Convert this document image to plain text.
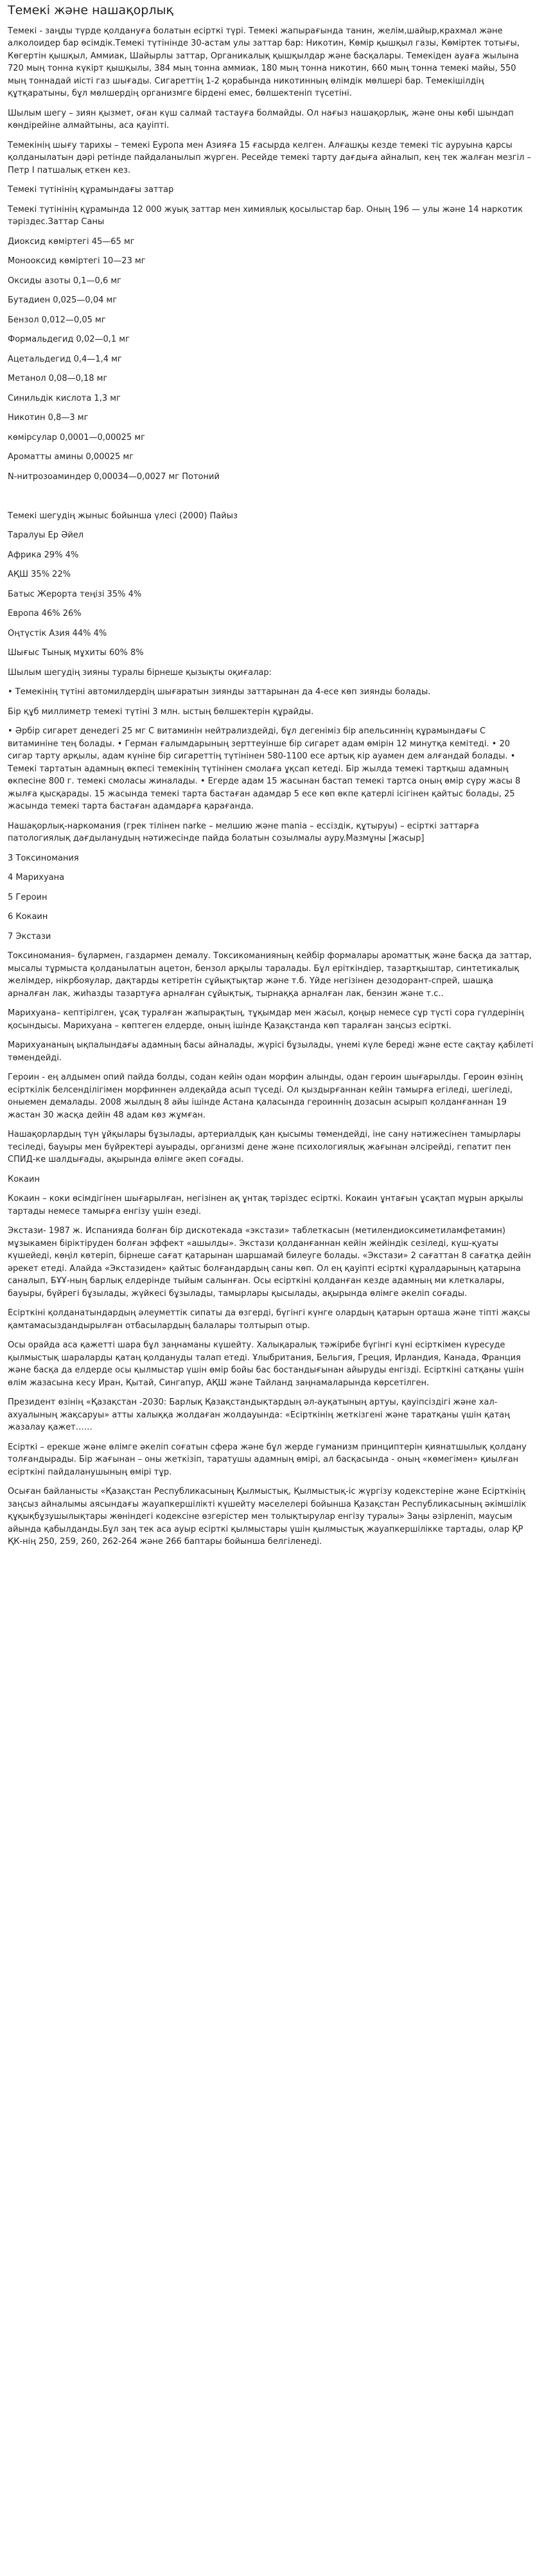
Темекі және нашақорлық

Темекі - заңды түрде қолдануға болатын есірткі түрі. Темекі жапырағында танин, желім,шайыр,крахмал және алколоидер бар өсімдік.Темекі түтінінде 30-астам улы заттар бар: Никотин, Көмір қышқыл газы, Көміртек тотығы, Көгертін қышқыл, Аммиак, Шайырлы заттар, Органикалық қышқылдар және басқалары. Темекіден ауаға жылына 720 мың тонна күкірт қышқылы, 384 мың тонна аммиак, 180 мың тонна никотин, 660 мың тонна темекі майы, 550 мың тоннадай иісті газ шығады. Сигареттің 1-2 қорабында никотинның өлімдік мөлшері бар. Темекішілдің құтқаратыны, бұл мөлшердің организмге бірдені емес, бөлшектеніп түсетіні.

Шылым шегу – зиян қызмет, оған күш салмай тастауға болмайды. Ол нағыз нашақорлық, және оны көбі шындап көндірейіне алмайтыны, аса қауіпті.

Темекінің шығу тарихы – темекі Еуропа мен Азияға 15 ғасырда келген. Алғашқы кезде темекі тіс ауруына қарсы қолданылатын дәрі ретінде пайдаланылып жүрген. Ресейде темекі тарту дағдыға айналып, кең тек жалған мезгіл – Петр I патшалық еткен кез.

Темекі түтінінің құрамындағы заттар

Темекі түтінінің құрамында 12 000 жуық заттар мен химиялық қосылыстар бар. Оның 196 — улы және 14 наркотик тәріздес.Заттар Саны

Диоксид көміртегі 45—65 мг

Монооксид көміртегі 10—23 мг

Оксиды азоты 0,1—0,6 мг

Бутадиен 0,025—0,04 мг

Бензол 0,012—0,05 мг

Формальдегид 0,02—0,1 мг

Ацетальдегид 0,4—1,4 мг

Метанол 0,08—0,18 мг

Синильдік кислота 1,3 мг

Никотин 0,8—3 мг

көмірсулар 0,0001—0,00025 мг

Ароматты амины 0,00025 мг

N-нитрозоаминдер 0,00034—0,0027 мг Потоний

Темекі шегудің жыныс бойынша үлесі (2000) Пайыз

Таралуы Ер Әйел

Африка 29% 4%

АҚШ 35% 22%

Батыс Жерорта теңізі 35% 4%

Европа 46% 26%

Оңтүстік Азия 44% 4%

Шығыс Тынық мұхиты 60% 8%

Шылым шегудің зияны туралы бірнеше қызықты оқиғалар:

• Темекінің түтіні автомилдердің шығаратын зиянды заттарынан да 4-есе көп зиянды болады.

Бір құб миллиметр темекі түтіні 3 млн. ыстың бөлшектерін құрайды.

• Әрбір сигарет денедегі 25 мг С витаминін нейтрализдейді, бұл дегеніміз бір апельсиннің құрамындағы С витаминіне тең болады. • Герман ғалымдарының зерттеуінше бір сигарет адам өмірін 12 минутқа кемітеді. • 20 сигар тарту арқылы, адам күніне бір сигареттің түтінінен 580-1100 есе артық кір ауамен дем алғандай болады. • Темекі тартатын адамның өкпесі темекінің түтінінен смолаға ұқсап кетеді. Бір жылда темекі тартқыш адамның өкпесіне 800 г. темекі смоласы жиналады. • Егерде адам 15 жасынан бастап темекі тартса оның өмір сүру жасы 8 жылға қысқарады. 15 жасында темекі тарта бастаған адамдар 5 есе көп өкпе қатерлі ісігінен қайтыс болады, 25 жасында темекі тарта бастаған адамдарға қарағанда.

Нашақорлық-наркомания (грек тілінен narke – мелшию және mania – ессіздік, құтыруы) – есірткі заттарға патологиялық дағдыланудың нәтижесінде пайда болатын созылмалы аурy.Мазмұны [жасыр]

3 Токсиномания

4 Марихуана

5 Героин

6 Кокаин

7 Экстази

Токсиномания– бұлармен, газдармен демалу. Токсикоманияның кейбір формалары ароматтық және басқа да заттар, мысалы тұрмыста қолданылатын ацетон, бензол арқылы таралады. Бұл еріткіндіер, тазартқыштар, синтетикалық желімдер, нікрбояулар, дақтарды кетіретін сұйықтықтар және т.б. Үйде негізінен дезодорант-спрей, шашқа арналған лак, жиһазды тазартуға арналған сұйықтық, тырнаққа арналған лак, бензин және т.с..

Марихуана– кептірілген, ұсақ туралған жапырақтың, тұқымдар мен жасыл, қоңыр немесе сұр түсті сора гүлдерінің қосындысы. Марихуана – көптеген елдерде, оның ішінде Қазақстанда көп таралған заңсыз есірткі.

Марихуананың ықпалындағы адамның басы айналады, жүрісі бұзылады, үнемі күле береді және есте сақтау қабілеті төмендейді.

Героин - ең алдымен опий пайда болды, содан кейін одан морфин алынды, одан героин шығарылды. Героин өзінің есірткілік белсенділігімен морфиннен әлдеқайда асып түседі. Ол қыздырғаннан кейін тамырға егіледі, шегіледі, оныемен демалады. 2008 жылдың 8 айы ішінде Астана қаласында героиннің дозасын асырып қолданғаннан 19 жастан 30 жасқа дейін 48 адам көз жұмған.

Нашақорлардың түн ұйқылары бұзылады, артериалдық қан қысымы төмендейді, іне сану нәтижесінен тамырлары тесіледі, бауыры мен бүйректері ауырады, организмі дене және психологиялық жағынан әлсірейді, гепатит пен СПИД-ке шалдығады, ақырында өлімге әкеп соғады.

Кокаин

Кокаин – коки өсімдігінен шығарылған, негізінен ақ ұнтақ тәріздес есірткі. Кокаин ұнтағын ұсақтап мұрын арқылы тартады немесе тамырға енгізу үшін езеді.

Экстази- 1987 ж. Испанияда болған бір дискотекада «экстази» таблеткасын (метилендиоксиметиламфетамин) мұзыкамен біріктіруден болған эффект «ашылды». Экстази қолданғаннан кейін жейіндік сезіледі, күш-қуаты күшейеді, көңіл көтеріп, бірнеше сағат қатарынан шаршамай билеуге болады. «Экстази» 2 сағаттан 8 сағатқа дейін әрекет етеді. Алайда «Экстазиден» қайтыс болғандардың саны көп. Ол ең қауіпті есірткі құралдарының қатарына саналып, БҰҰ-ның барлық елдерінде тыйым салынған. Осы есірткіні қолданған кезде адамның ми клеткалары, бауыры, бүйрегі бұзылады, жүйкесі бұзылады, тамырлары қысылады, ақырында өлімге әкеліп соғады.

Есірткіні қолданатындардың әлеуметтік сипаты да өзгерді, бүгінгі күнге олардың қатарын орташа және тіпті жақсы қамтамасыздандырылған отбасылардың балалары толтырып отыр.

Осы орайда аса қажетті шара бұл заңнаманы күшейту. Халықаралық тәжірибе бүгінгі күні есірткімен күресуде қылмыстық шараларды қатаң қолдануды талап етеді. Ұлыбритания, Бельгия, Греция, Ирландия, Канада, Франция және басқа да елдерде осы қылмыстар үшін өмір бойы бас бостандығынан айыруды енгізді. Есірткіні сатқаны үшін өлім жазасына кесу Иран, Қытай, Сингапур, АҚШ және Тайланд заңнамаларында көрсетілген.

Президент өзінің «Қазақстан -2030: Барлық Қазақстандықтардың әл-ауқатының артуы, қауіпсіздігі және хал-ахуалының жақсаруы» атты халыққа жолдаған жолдауында: «Есірткінің жеткізгені және таратқаны үшін қатаң жазалау қажет……

Есірткі – ерекше және өлімге әкеліп соғатын сфера және бұл жерде гуманизм принциптерін қиянатшылық қолдану толғандырады. Бір жағынан – оны жеткізіп, таратушы адамның өмірі, ал басқасында - оның «көмегімен» қиылған есірткіні пайдаланушының өмірі тұр.

Осыған байланысты «Қазақстан Республикасының Қылмыстық, Қылмыстық-іс жүргізу кодекстеріне және Есірткінің заңсыз айналымы аясындағы жауапкершілікті күшейту мәселелері бойынша Қазақстан Республикасының әкімшілік құқықбұзушылықтары жөніндегі кодексіне өзгерістер мен толықтырулар енгізу туралы» Заңы әзірленіп, маусым айында қабылданды.Бұл заң тек аса ауыр есірткі қылмыстары үшін қылмыстық жауапкершілікке тартады, олар ҚР ҚК-нің 250, 259, 260, 262-264 және 266 баптары бойынша белгіленеді.
